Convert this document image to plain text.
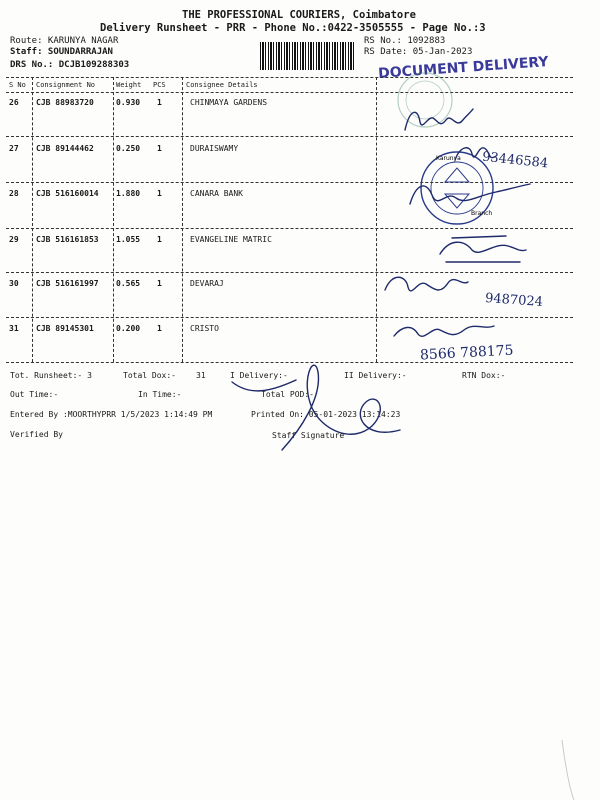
THE PROFESSIONAL COURIERS, Coimbatore
Delivery Runsheet - PRR - Phone No.:0422-3505555 - Page No.:3
Route: KARUNYA NAGAR
Staff: SOUNDARRAJAN
DRS No.: DCJB109288303
RS No.: 1092883
RS Date: 05-Jan-2023
DOCUMENT DELIVERY
S No Consignment No	Weight PCS	Consignee Details
26 CJB 88983720	0.930 1	CHINMAYA GARDENS
27 CJB 89144462	0.250 1	DURAISWAMY
28 CJB 516160014 1.880 1	CANARA BANK
29 CJB 516161853 1.055 1	EVANGELINE MATRIC
30 CJB 516161997 0.565 1	DEVARAJ
31 CJB 89145301	0.200 1	CRISTO
Tot. Runsheet:- 3	Total Dox:-	31	I Delivery:-	II Delivery:-	RTN Dox:-
Out Time:-	In Time:-	Total POD:-
Entered By :MOORTHYPRR 1/5/2023 1:14:49 PM	Printed On: 05-01-2023 13:14:23
Verified By	Staff Signature
93446584
9487024
8566 788175
Karunya
Branch
